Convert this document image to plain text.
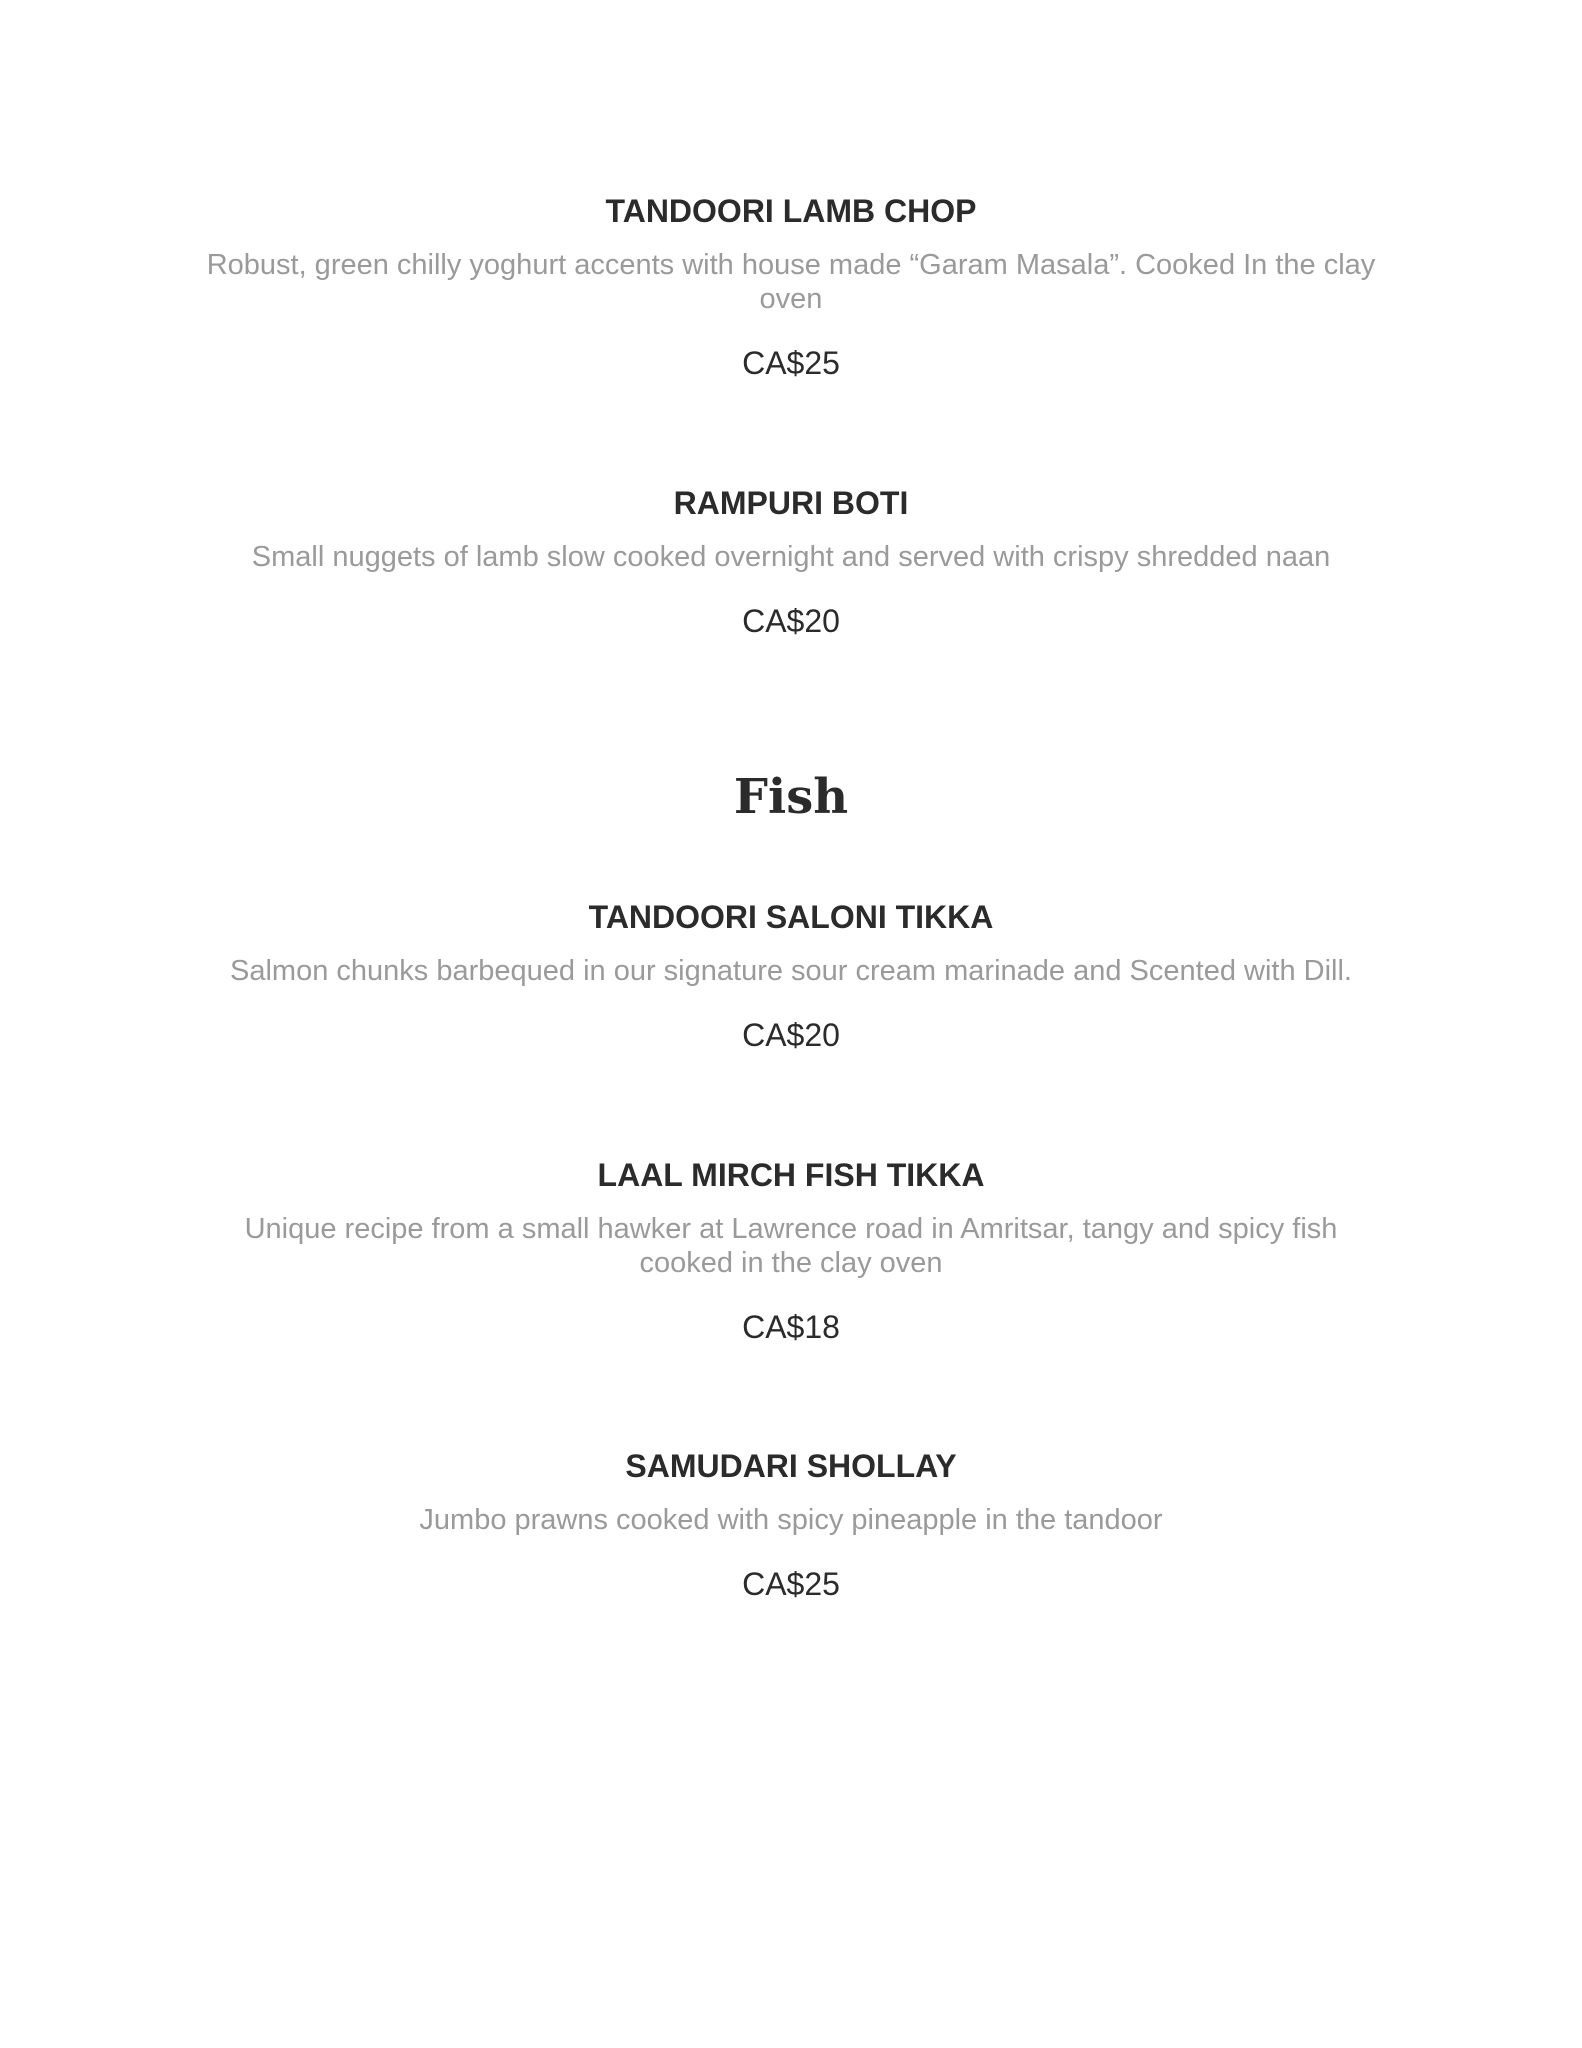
TANDOORI LAMB CHOP

Robust, green chilly yoghurt accents with house made “Garam Masala”. Cooked In the clay oven

CA$25

RAMPURI BOTI

Small nuggets of lamb slow cooked overnight and served with crispy shredded naan

CA$20

Fish
TANDOORI SALONI TIKKA

Salmon chunks barbequed in our signature sour cream marinade and Scented with Dill.

CA$20

LAAL MIRCH FISH TIKKA

Unique recipe from a small hawker at Lawrence road in Amritsar, tangy and spicy fish cooked in the clay oven

CA$18

SAMUDARI SHOLLAY

Jumbo prawns cooked with spicy pineapple in the tandoor

CA$25
